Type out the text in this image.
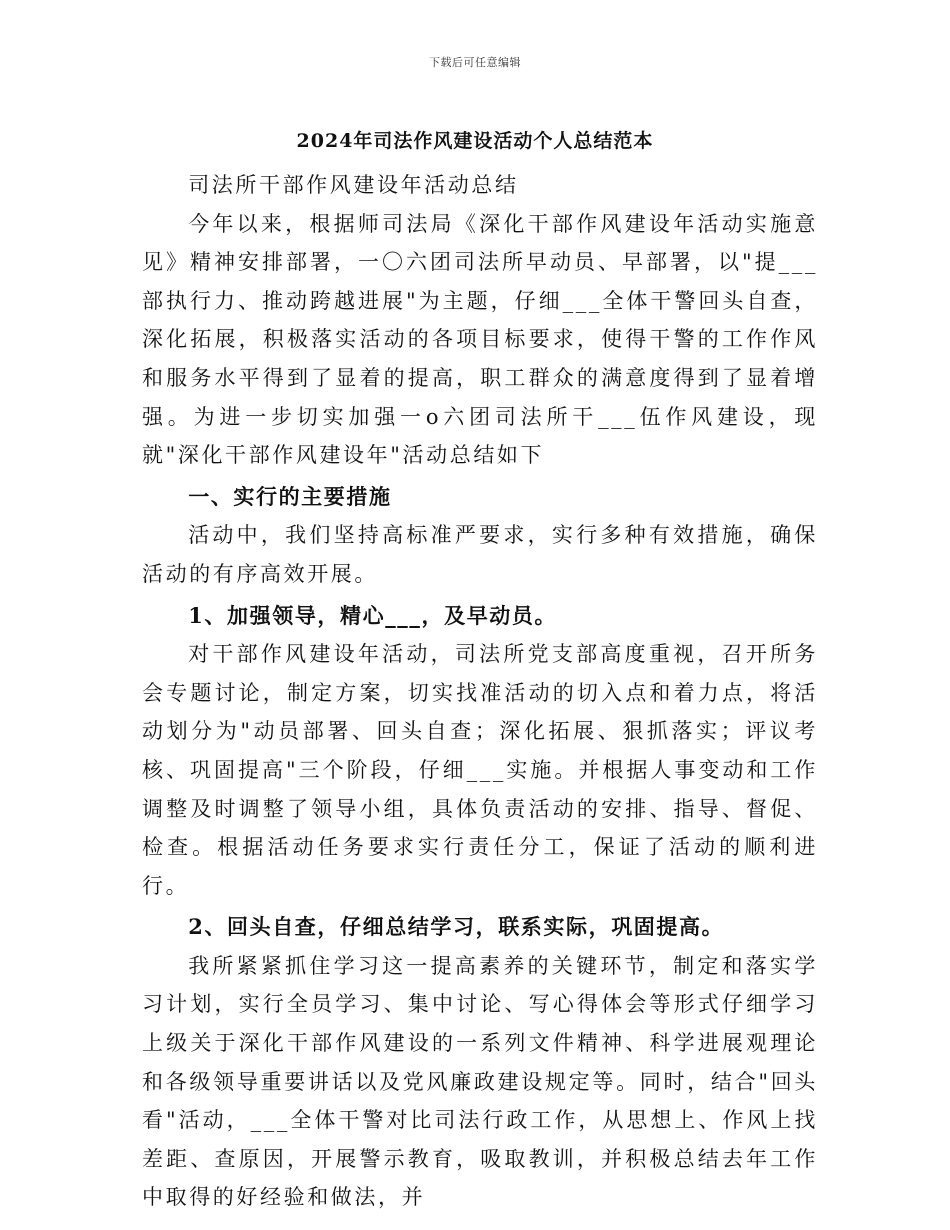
下载后可任意编辑
2024年司法作风建设活动个人总结范本

司法所干部作风建设年活动总结

今年以来，根据师司法局《深化干部作风建设年活动实施意见》精神安排部署，一〇六团司法所早动员、早部署，以"提___部执行力、推动跨越进展"为主题，仔细___全体干警回头自查，深化拓展，积极落实活动的各项目标要求，使得干警的工作作风和服务水平得到了显着的提高，职工群众的满意度得到了显着增强。为进一步切实加强一ο六团司法所干___伍作风建设，现就"深化干部作风建设年"活动总结如下

一、实行的主要措施

活动中，我们坚持高标准严要求，实行多种有效措施，确保活动的有序高效开展。

1、加强领导，精心___，及早动员。

对干部作风建设年活动，司法所党支部高度重视，召开所务会专题讨论，制定方案，切实找准活动的切入点和着力点，将活动划分为"动员部署、回头自查；深化拓展、狠抓落实；评议考核、巩固提高"三个阶段，仔细___实施。并根据人事变动和工作调整及时调整了领导小组，具体负责活动的安排、指导、督促、检查。根据活动任务要求实行责任分工，保证了活动的顺利进行。

2、回头自查，仔细总结学习，联系实际，巩固提高。

我所紧紧抓住学习这一提高素养的关键环节，制定和落实学习计划，实行全员学习、集中讨论、写心得体会等形式仔细学习上级关于深化干部作风建设的一系列文件精神、科学进展观理论和各级领导重要讲话以及党风廉政建设规定等。同时，结合"回头看"活动，___全体干警对比司法行政工作，从思想上、作风上找差距、查原因，开展警示教育，吸取教训，并积极总结去年工作中取得的好经验和做法，并
